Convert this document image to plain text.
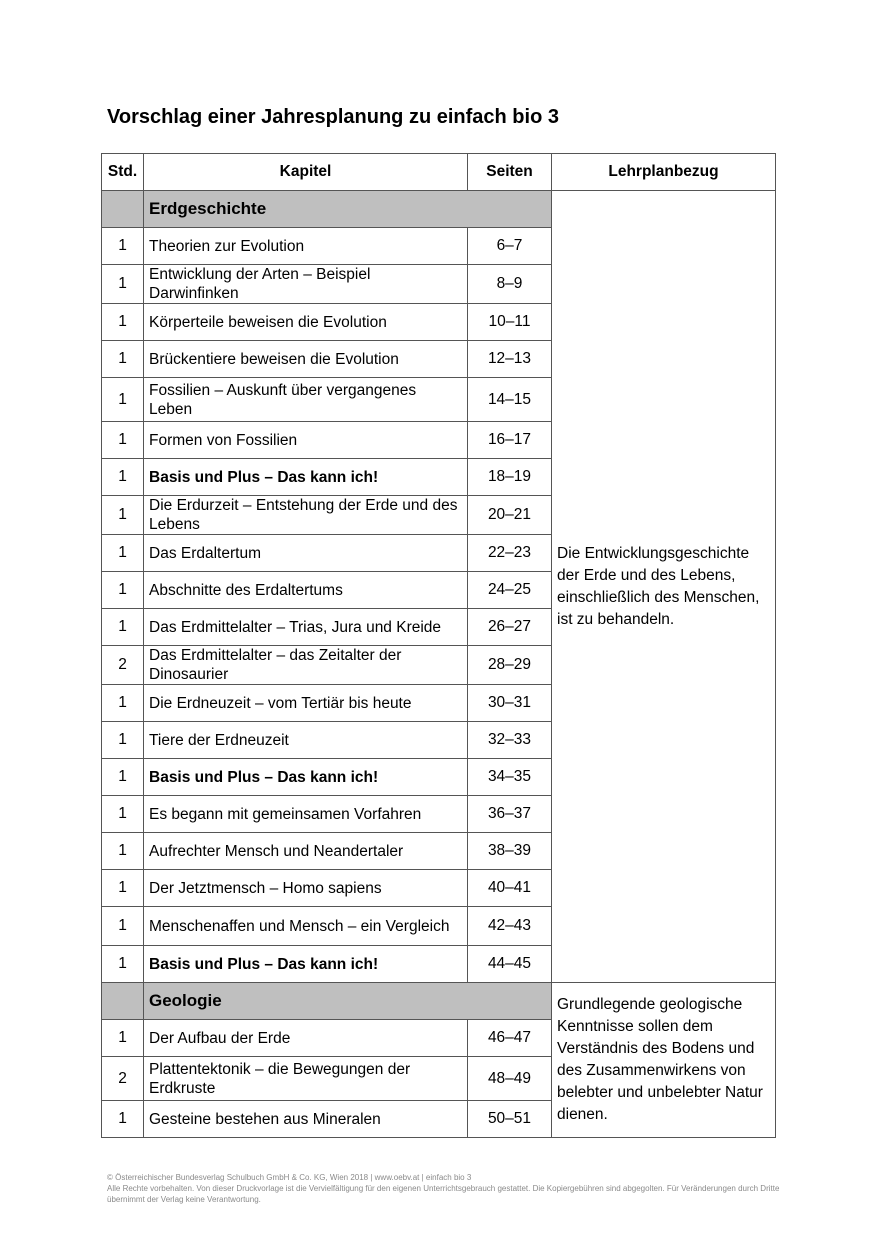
Vorschlag einer Jahresplanung zu einfach bio 3
Std.	Kapitel	Seiten	Lehrplanbezug
	Erdgeschichte		Die Entwicklungsgeschichte der Erde und des Lebens, einschließlich des Menschen, ist zu behandeln.
1	Theorien zur Evolution	6–7	
1	Entwicklung der Arten – Beispiel Darwinfinken	8–9	
1	Körperteile beweisen die Evolution	10–11	
1	Brückentiere beweisen die Evolution	12–13	
1	Fossilien – Auskunft über vergangenes Leben	14–15	
1	Formen von Fossilien	16–17	
1	Basis und Plus – Das kann ich!	18–19	
1	Die Erdurzeit – Entstehung der Erde und des Lebens	20–21	
1	Das Erdaltertum	22–23	
1	Abschnitte des Erdaltertums	24–25	
1	Das Erdmittelalter – Trias, Jura und Kreide	26–27	
2	Das Erdmittelalter – das Zeitalter der Dinosaurier	28–29	
1	Die Erdneuzeit – vom Tertiär bis heute	30–31	
1	Tiere der Erdneuzeit	32–33	
1	Basis und Plus – Das kann ich!	34–35	
1	Es begann mit gemeinsamen Vorfahren	36–37	
1	Aufrechter Mensch und Neandertaler	38–39	
1	Der Jetztmensch – Homo sapiens	40–41	
1	Menschenaffen und Mensch – ein Vergleich	42–43	
1	Basis und Plus – Das kann ich!	44–45	
	Geologie		Grundlegende geologische Kenntnisse sollen dem Verständnis des Bodens und des Zusammenwirkens von belebter und unbelebter Natur dienen.
1	Der Aufbau der Erde	46–47	
2	Plattentektonik – die Bewegungen der Erdkruste	48–49	
1	Gesteine bestehen aus Mineralen	50–51	
© Österreichischer Bundesverlag Schulbuch GmbH & Co. KG, Wien 2018 | www.oebv.at | einfach bio 3
Alle Rechte vorbehalten. Von dieser Druckvorlage ist die Vervielfältigung für den eigenen Unterrichtsgebrauch gestattet. Die Kopiergebühren sind abgegolten. Für Veränderungen durch Dritte übernimmt der Verlag keine Verantwortung.
